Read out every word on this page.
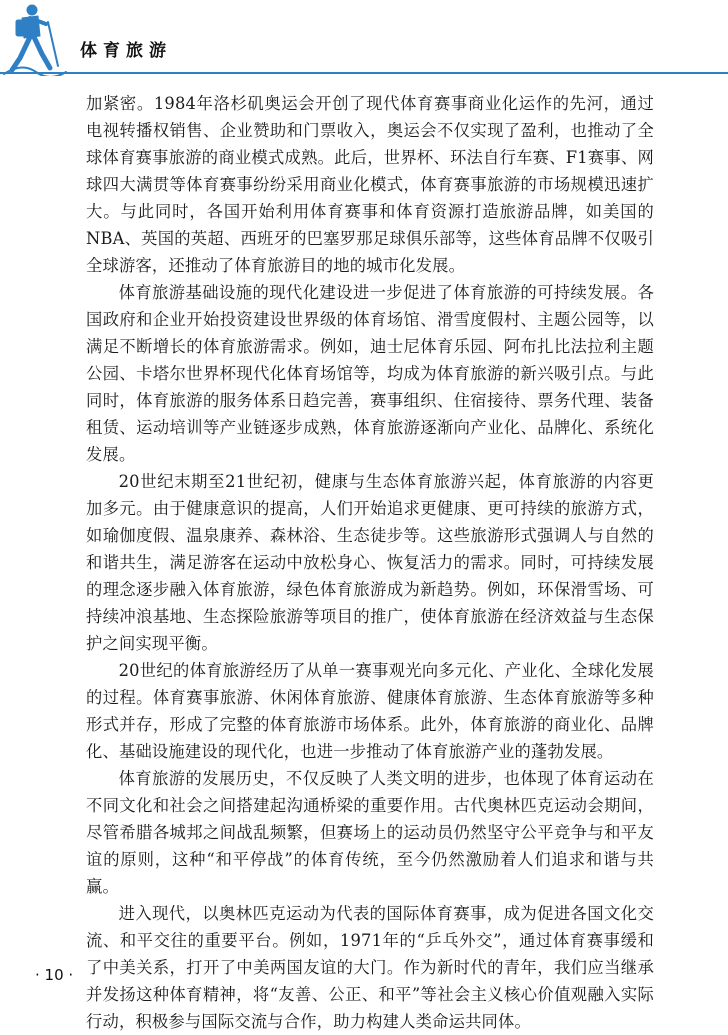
体育旅游

加紧密。1984年洛杉矶奥运会开创了现代体育赛事商业化运作的先河，通过电视转播权销售、企业赞助和门票收入，奥运会不仅实现了盈利，也推动了全球体育赛事旅游的商业模式成熟。此后，世界杯、环法自行车赛、F1赛事、网球四大满贯等体育赛事纷纷采用商业化模式，体育赛事旅游的市场规模迅速扩大。与此同时，各国开始利用体育赛事和体育资源打造旅游品牌，如美国的NBA、英国的英超、西班牙的巴塞罗那足球俱乐部等，这些体育品牌不仅吸引全球游客，还推动了体育旅游目的地的城市化发展。

体育旅游基础设施的现代化建设进一步促进了体育旅游的可持续发展。各国政府和企业开始投资建设世界级的体育场馆、滑雪度假村、主题公园等，以满足不断增长的体育旅游需求。例如，迪士尼体育乐园、阿布扎比法拉利主题公园、卡塔尔世界杯现代化体育场馆等，均成为体育旅游的新兴吸引点。与此同时，体育旅游的服务体系日趋完善，赛事组织、住宿接待、票务代理、装备租赁、运动培训等产业链逐步成熟，体育旅游逐渐向产业化、品牌化、系统化发展。

20世纪末期至21世纪初，健康与生态体育旅游兴起，体育旅游的内容更加多元。由于健康意识的提高，人们开始追求更健康、更可持续的旅游方式，如瑜伽度假、温泉康养、森林浴、生态徒步等。这些旅游形式强调人与自然的和谐共生，满足游客在运动中放松身心、恢复活力的需求。同时，可持续发展的理念逐步融入体育旅游，绿色体育旅游成为新趋势。例如，环保滑雪场、可持续冲浪基地、生态探险旅游等项目的推广，使体育旅游在经济效益与生态保护之间实现平衡。

20世纪的体育旅游经历了从单一赛事观光向多元化、产业化、全球化发展的过程。体育赛事旅游、休闲体育旅游、健康体育旅游、生态体育旅游等多种形式并存，形成了完整的体育旅游市场体系。此外，体育旅游的商业化、品牌化、基础设施建设的现代化，也进一步推动了体育旅游产业的蓬勃发展。

体育旅游的发展历史，不仅反映了人类文明的进步，也体现了体育运动在不同文化和社会之间搭建起沟通桥梁的重要作用。古代奥林匹克运动会期间，尽管希腊各城邦之间战乱频繁，但赛场上的运动员仍然坚守公平竞争与和平友谊的原则，这种“和平停战”的体育传统，至今仍然激励着人们追求和谐与共赢。

进入现代，以奥林匹克运动为代表的国际体育赛事，成为促进各国文化交流、和平交往的重要平台。例如，1971年的“乒乓外交”，通过体育赛事缓和了中美关系，打开了中美两国友谊的大门。作为新时代的青年，我们应当继承并发扬这种体育精神，将“友善、公正、和平”等社会主义核心价值观融入实际行动，积极参与国际交流与合作，助力构建人类命运共同体。

· 10 ·
